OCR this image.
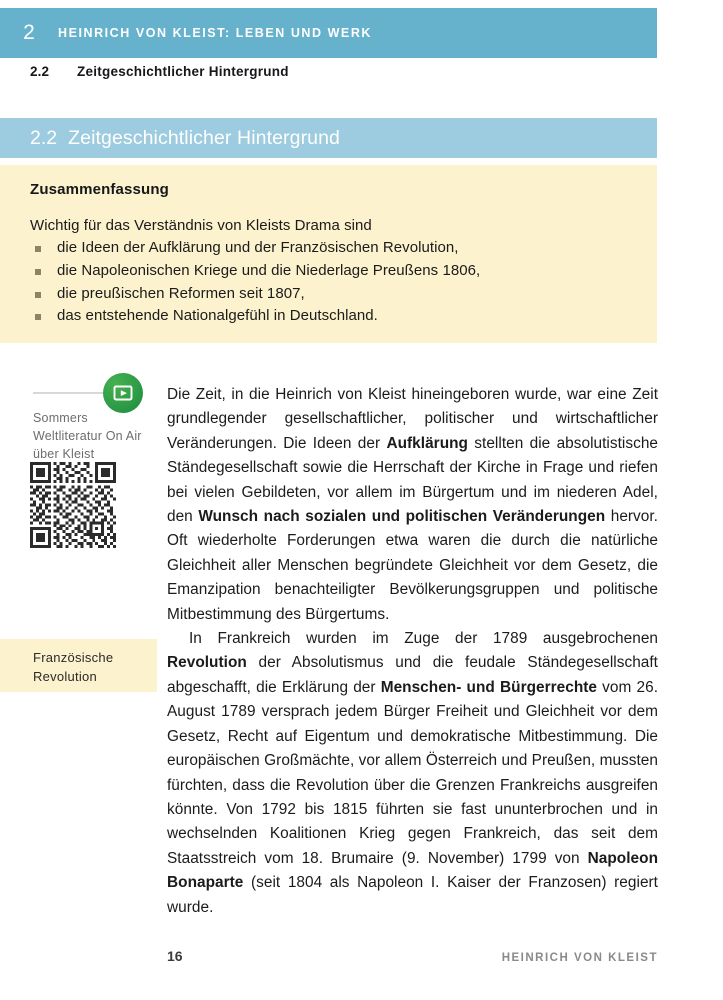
2	HEINRICH VON KLEIST: LEBEN UND WERK
2.2	Zeitgeschichtlicher Hintergrund
2.2 Zeitgeschichtlicher Hintergrund
Zusammenfassung

Wichtig für das Verständnis von Kleists Drama sind

die Ideen der Aufklärung und der Französischen Revolution,
die Napoleonischen Kriege und die Niederlage Preußens 1806,
die preußischen Reformen seit 1807,
das entstehende Nationalgefühl in Deutschland.
Sommers Weltliteratur On Air über Kleist
Französische Revolution

Die Zeit, in die Heinrich von Kleist hineingeboren wurde, war eine Zeit grundlegender gesellschaftlicher, politischer und wirtschaftlicher Veränderungen. Die Ideen der Aufklärung stellten die absolutistische Ständegesellschaft sowie die Herrschaft der Kirche in Frage und riefen bei vielen Gebildeten, vor allem im Bürgertum und im niederen Adel, den Wunsch nach sozialen und politischen Veränderungen hervor. Oft wiederholte Forderungen etwa waren die durch die natürliche Gleichheit aller Menschen begründete Gleichheit vor dem Gesetz, die Emanzipation benachteiligter Bevölkerungsgruppen und politische Mitbestimmung des Bürgertums.

In Frankreich wurden im Zuge der 1789 ausgebrochenen Revolution der Absolutismus und die feudale Ständegesellschaft abgeschafft, die Erklärung der Menschen- und Bürgerrechte vom 26. August 1789 versprach jedem Bürger Freiheit und Gleichheit vor dem Gesetz, Recht auf Eigentum und demokratische Mitbestimmung. Die europäischen Großmächte, vor allem Österreich und Preußen, mussten fürchten, dass die Revolution über die Grenzen Frankreichs ausgreifen könnte. Von 1792 bis 1815 führten sie fast ununterbrochen und in wechselnden Koalitionen Krieg gegen Frankreich, das seit dem Staatsstreich vom 18. Brumaire (9. November) 1799 von Napoleon Bonaparte (seit 1804 als Napoleon I. Kaiser der Franzosen) regiert wurde.

16	HEINRICH VON KLEIST
